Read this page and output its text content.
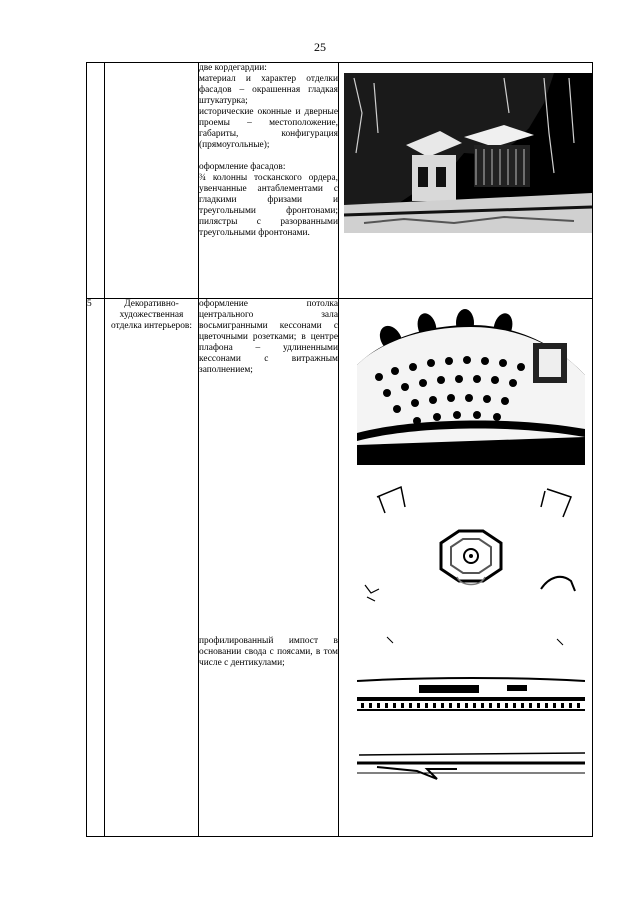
25

		две кордегардии:

материал и характер отделки фасадов – окрашенная гладкая штукатурка;

исторические оконные и дверные проемы – местоположение, габариты, конфигурация (прямоугольные);

оформление фасадов:

¾ колонны тосканского ордера, увенчанные антаблементами с гладкими фризами и треугольными фронтонами; пилястры с разорванными треугольными фронтонами.

5	Декоративно-художественная отделка интерьеров:	оформление потолка центрального зала восьмигранными кессонами с цветочными розетками; в центре плафона – удлиненными кессонами с витражным заполнением;

профилированный импост в основании свода с поясами, в том числе с дентикулами;
